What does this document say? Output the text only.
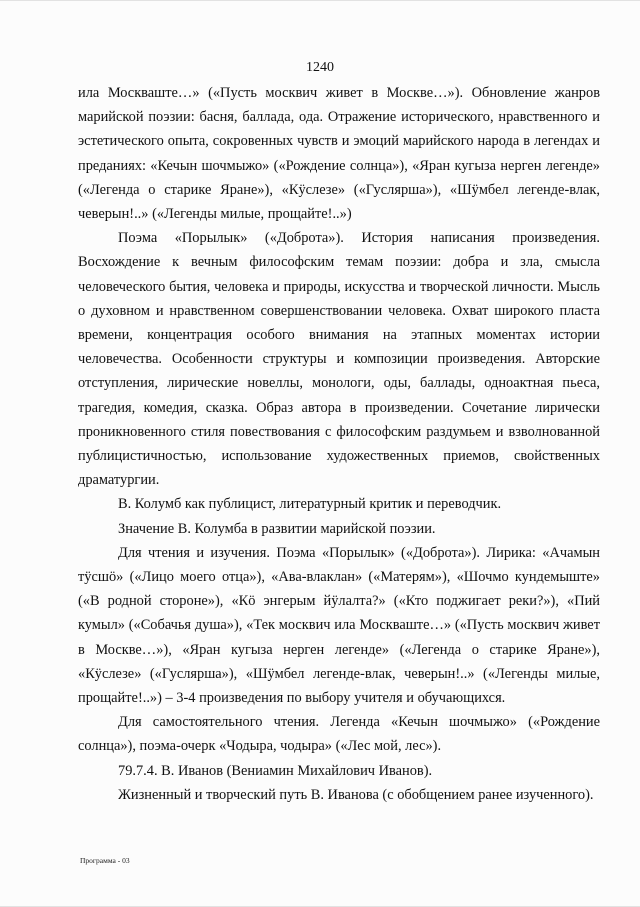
1240

ила Москваште…» («Пусть москвич живет в Москве…»). Обновление жанров марийской поэзии: басня, баллада, ода. Отражение исторического, нравственного и эстетического опыта, сокровенных чувств и эмоций марийского народа в легендах и преданиях: «Кечын шочмыжо» («Рождение солнца»), «Яран кугыза нерген легенде» («Легенда о старике Яране»), «Кÿслезе» («Гуслярша»), «Шÿмбел легенде-влак, чеверын!..» («Легенды милые, прощайте!..»)

Поэма «Порылык» («Доброта»). История написания произведения. Восхождение к вечным философским темам поэзии: добра и зла, смысла человеческого бытия, человека и природы, искусства и творческой личности. Мысль о духовном и нравственном совершенствовании человека. Охват широкого пласта времени, концентрация особого внимания на этапных моментах истории человечества. Особенности структуры и композиции произведения. Авторские отступления, лирические новеллы, монологи, оды, баллады, одноактная пьеса, трагедия, комедия, сказка. Образ автора в произведении. Сочетание лирически проникновенного стиля повествования с философским раздумьем и взволнованной публицистичностью, использование художественных приемов, свойственных драматургии.

В. Колумб как публицист, литературный критик и переводчик.

Значение В. Колумба в развитии марийской поэзии.

Для чтения и изучения. Поэма «Порылык» («Доброта»). Лирика: «Ачамын тÿсшö» («Лицо моего отца»), «Ава-влаклан» («Матерям»), «Шочмо кундемыште» («В родной стороне»), «Кö энгерым йÿлалта?» («Кто поджигает реки?»), «Пий кумыл» («Собачья душа»), «Тек москвич ила Москваште…» («Пусть москвич живет в Москве…»), «Яран кугыза нерген легенде» («Легенда о старике Яране»), «Кÿслезе» («Гуслярша»), «Шÿмбел легенде-влак, чеверын!..» («Легенды милые, прощайте!..») – 3-4 произведения по выбору учителя и обучающихся.

Для самостоятельного чтения. Легенда «Кечын шочмыжо» («Рождение солнца»), поэма-очерк «Чодыра, чодыра» («Лес мой, лес»).

79.7.4. В. Иванов (Вениамин Михайлович Иванов).

Жизненный и творческий путь В. Иванова (с обобщением ранее изученного).

Программа - 03
